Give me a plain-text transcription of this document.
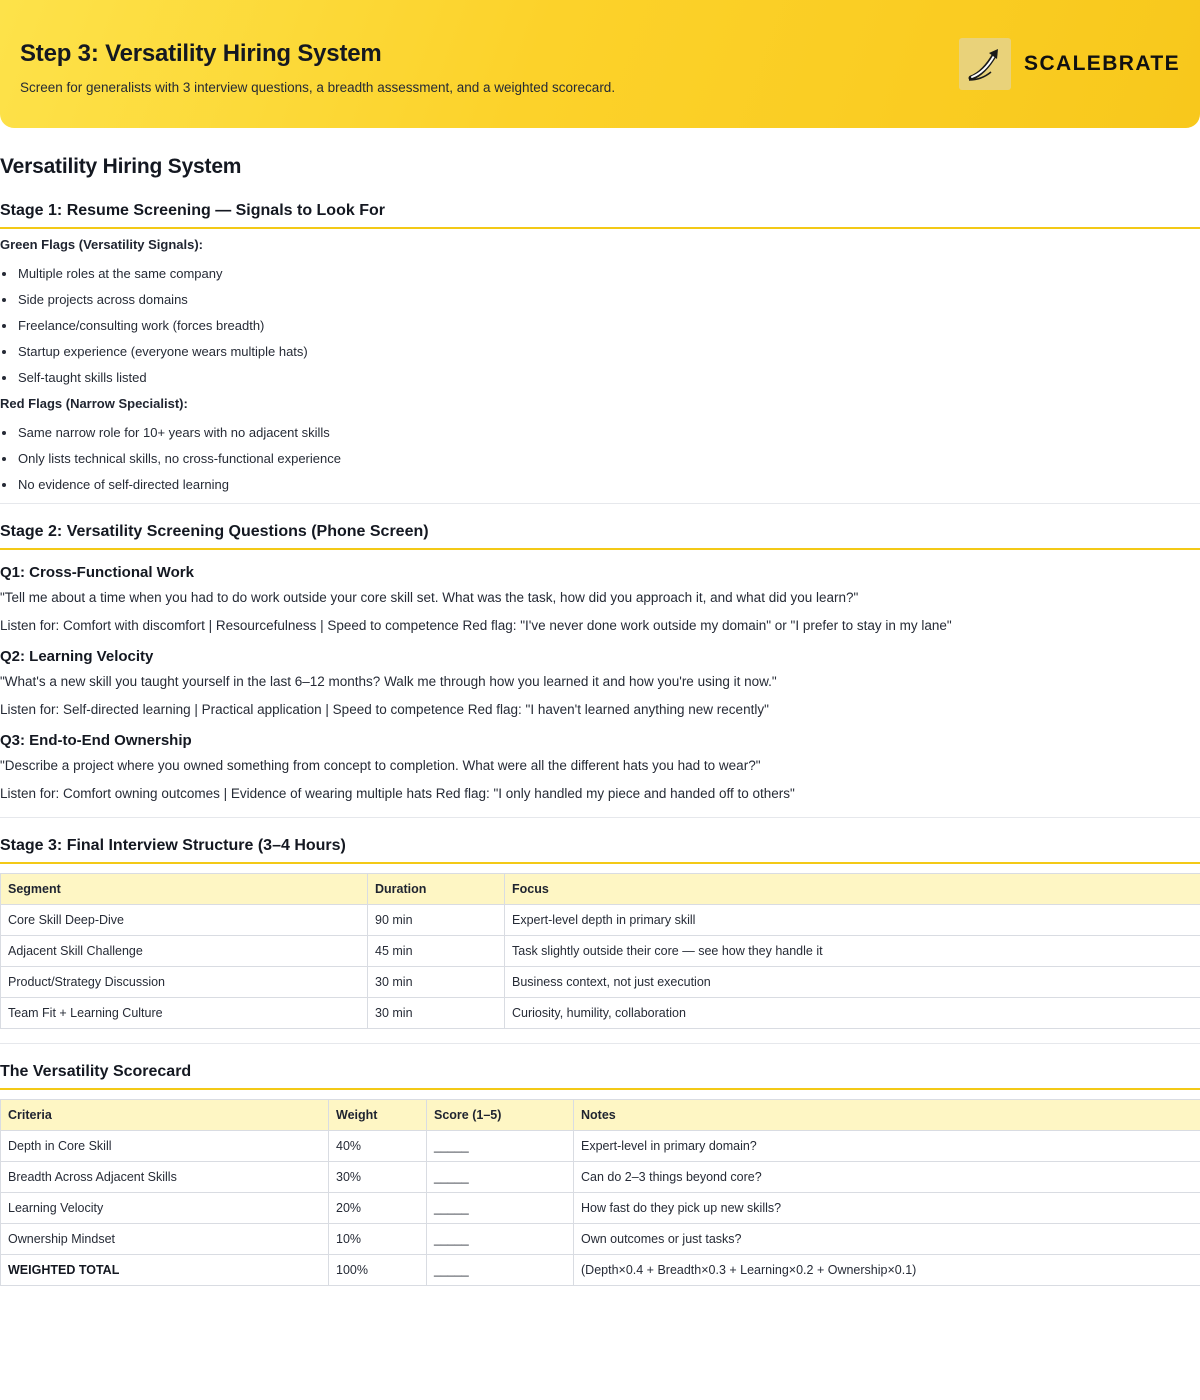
Step 3: Versatility Hiring System
Screen for generalists with 3 interview questions, a breadth assessment, and a weighted scorecard.
SCALEBRATE
Versatility Hiring System
Stage 1: Resume Screening — Signals to Look For
Green Flags (Versatility Signals):
Multiple roles at the same company
Side projects across domains
Freelance/consulting work (forces breadth)
Startup experience (everyone wears multiple hats)
Self-taught skills listed
Red Flags (Narrow Specialist):
Same narrow role for 10+ years with no adjacent skills
Only lists technical skills, no cross-functional experience
No evidence of self-directed learning
Stage 2: Versatility Screening Questions (Phone Screen)
Q1: Cross-Functional Work
"Tell me about a time when you had to do work outside your core skill set. What was the task, how did you approach it, and what did you learn?"
Listen for: Comfort with discomfort | Resourcefulness | Speed to competence Red flag: "I've never done work outside my domain" or "I prefer to stay in my lane"
Q2: Learning Velocity
"What's a new skill you taught yourself in the last 6–12 months? Walk me through how you learned it and how you're using it now."
Listen for: Self-directed learning | Practical application | Speed to competence Red flag: "I haven't learned anything new recently"
Q3: End-to-End Ownership
"Describe a project where you owned something from concept to completion. What were all the different hats you had to wear?"
Listen for: Comfort owning outcomes | Evidence of wearing multiple hats Red flag: "I only handled my piece and handed off to others"
Stage 3: Final Interview Structure (3–4 Hours)
Segment	Duration	Focus
Core Skill Deep-Dive	90 min	Expert-level depth in primary skill
Adjacent Skill Challenge	45 min	Task slightly outside their core — see how they handle it
Product/Strategy Discussion	30 min	Business context, not just execution
Team Fit + Learning Culture	30 min	Curiosity, humility, collaboration
The Versatility Scorecard
Criteria	Weight	Score (1–5)	Notes
Depth in Core Skill	40%	_____	Expert-level in primary domain?
Breadth Across Adjacent Skills	30%	_____	Can do 2–3 things beyond core?
Learning Velocity	20%	_____	How fast do they pick up new skills?
Ownership Mindset	10%	_____	Own outcomes or just tasks?
WEIGHTED TOTAL	100%	_____	(Depth×0.4 + Breadth×0.3 + Learning×0.2 + Ownership×0.1)
